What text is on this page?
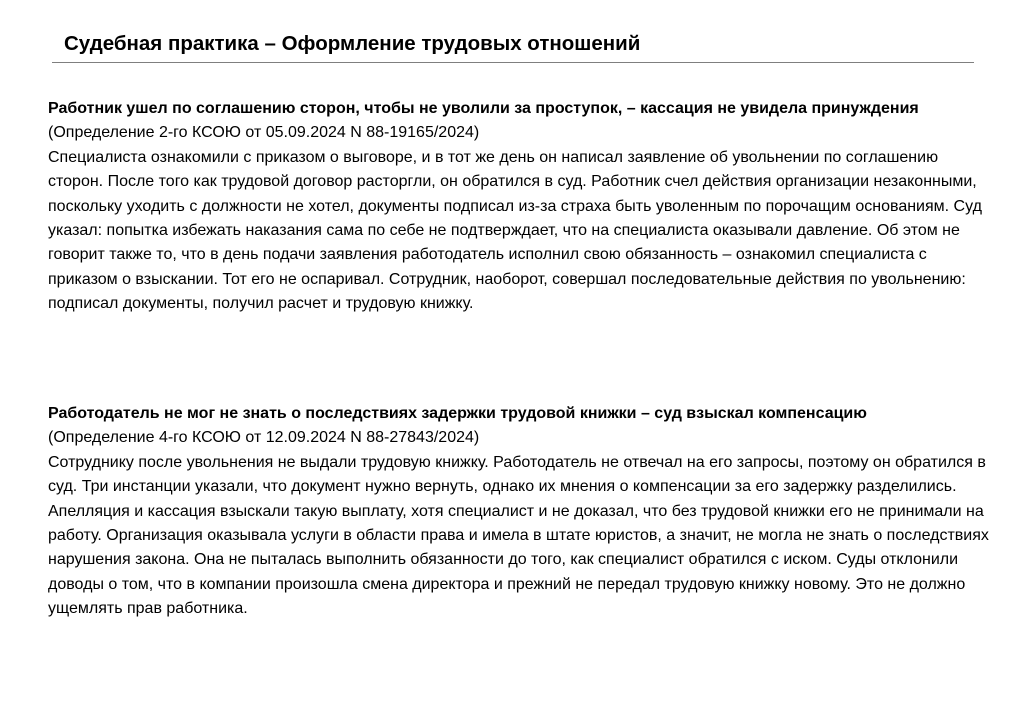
Судебная практика – Оформление трудовых отношений

Работник ушел по соглашению сторон, чтобы не уволили за проступок, – кассация не увидела принуждения

(Определение 2-го КСОЮ от 05.09.2024 N 88-19165/2024)

Специалиста ознакомили с приказом о выговоре, и в тот же день он написал заявление об увольнении по соглашению сторон. После того как трудовой договор расторгли, он обратился в суд. Работник счел действия организации незаконными, поскольку уходить с должности не хотел, документы подписал из-за страха быть уволенным по порочащим основаниям. Суд указал: попытка избежать наказания сама по себе не подтверждает, что на специалиста оказывали давление. Об этом не говорит также то, что в день подачи заявления работодатель исполнил свою обязанность – ознакомил специалиста с приказом о взыскании. Тот его не оспаривал. Сотрудник, наоборот, совершал последовательные действия по увольнению: подписал документы, получил расчет и трудовую книжку.

Работодатель не мог не знать о последствиях задержки трудовой книжки – суд взыскал компенсацию

(Определение 4-го КСОЮ от 12.09.2024 N 88-27843/2024)

Сотруднику после увольнения не выдали трудовую книжку. Работодатель не отвечал на его запросы, поэтому он обратился в суд. Три инстанции указали, что документ нужно вернуть, однако их мнения о компенсации за его задержку разделились. Апелляция и кассация взыскали такую выплату, хотя специалист и не доказал, что без трудовой книжки его не принимали на работу. Организация оказывала услуги в области права и имела в штате юристов, а значит, не могла не знать о последствиях нарушения закона. Она не пыталась выполнить обязанности до того, как специалист обратился с иском. Суды отклонили доводы о том, что в компании произошла смена директора и прежний не передал трудовую книжку новому. Это не должно ущемлять прав работника.
